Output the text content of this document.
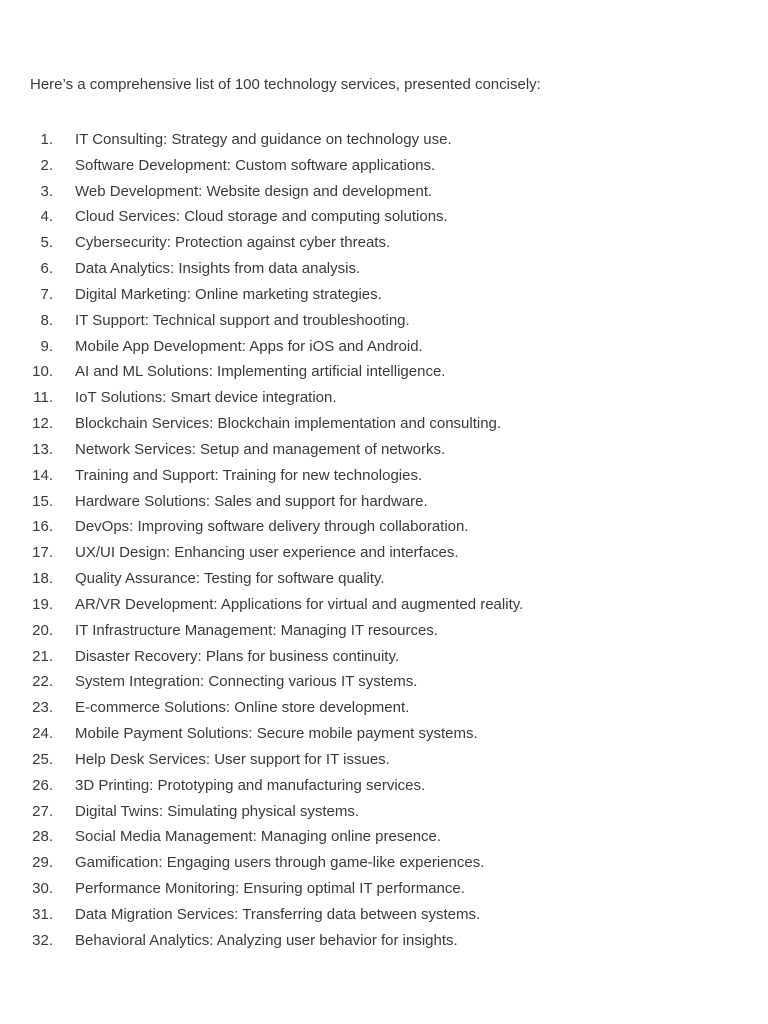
Here’s a comprehensive list of 100 technology services, presented concisely:

1.	IT Consulting: Strategy and guidance on technology use.
2.	Software Development: Custom software applications.
3.	Web Development: Website design and development.
4.	Cloud Services: Cloud storage and computing solutions.
5.	Cybersecurity: Protection against cyber threats.
6.	Data Analytics: Insights from data analysis.
7.	Digital Marketing: Online marketing strategies.
8.	IT Support: Technical support and troubleshooting.
9.	Mobile App Development: Apps for iOS and Android.
10.	AI and ML Solutions: Implementing artificial intelligence.
11.	IoT Solutions: Smart device integration.
12.	Blockchain Services: Blockchain implementation and consulting.
13.	Network Services: Setup and management of networks.
14.	Training and Support: Training for new technologies.
15.	Hardware Solutions: Sales and support for hardware.
16.	DevOps: Improving software delivery through collaboration.
17.	UX/UI Design: Enhancing user experience and interfaces.
18.	Quality Assurance: Testing for software quality.
19.	AR/VR Development: Applications for virtual and augmented reality.
20.	IT Infrastructure Management: Managing IT resources.
21.	Disaster Recovery: Plans for business continuity.
22.	System Integration: Connecting various IT systems.
23.	E-commerce Solutions: Online store development.
24.	Mobile Payment Solutions: Secure mobile payment systems.
25.	Help Desk Services: User support for IT issues.
26.	3D Printing: Prototyping and manufacturing services.
27.	Digital Twins: Simulating physical systems.
28.	Social Media Management: Managing online presence.
29.	Gamification: Engaging users through game-like experiences.
30.	Performance Monitoring: Ensuring optimal IT performance.
31.	Data Migration Services: Transferring data between systems.
32.	Behavioral Analytics: Analyzing user behavior for insights.
